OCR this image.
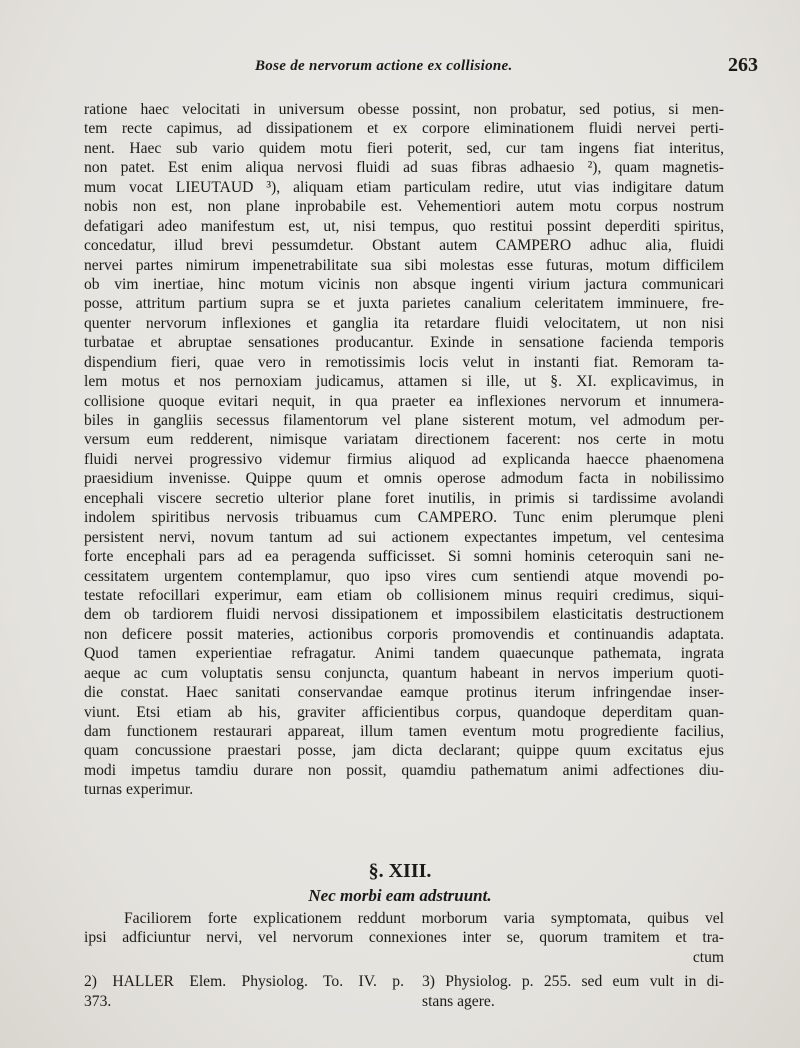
Bose de nervorum actione ex collisione.	263
ratione haec velocitati in universum obesse possint, non probatur, sed potius, si men-
tem recte capimus, ad dissipationem et ex corpore eliminationem fluidi nervei perti-
nent. Haec sub vario quidem motu fieri poterit, sed, cur tam ingens fiat interitus,
non patet. Est enim aliqua nervosi fluidi ad suas fibras adhaesio ²), quam magnetis-
mum vocat LIEUTAUD ³), aliquam etiam particulam redire, utut vias indigitare datum
nobis non est, non plane inprobabile est. Vehementiori autem motu corpus nostrum
defatigari adeo manifestum est, ut, nisi tempus, quo restitui possint deperditi spiritus,
concedatur, illud brevi pessumdetur. Obstant autem CAMPERO adhuc alia, fluidi
nervei partes nimirum impenetrabilitate sua sibi molestas esse futuras, motum difficilem
ob vim inertiae, hinc motum vicinis non absque ingenti virium jactura communicari
posse, attritum partium supra se et juxta parietes canalium celeritatem imminuere, fre-
quenter nervorum inflexiones et ganglia ita retardare fluidi velocitatem, ut non nisi
turbatae et abruptae sensationes producantur. Exinde in sensatione facienda temporis
dispendium fieri, quae vero in remotissimis locis velut in instanti fiat. Remoram ta-
lem motus et nos pernoxiam judicamus, attamen si ille, ut §. XI. explicavimus, in
collisione quoque evitari nequit, in qua praeter ea inflexiones nervorum et innumera-
biles in gangliis secessus filamentorum vel plane sisterent motum, vel admodum per-
versum eum redderent, nimisque variatam directionem facerent: nos certe in motu
fluidi nervei progressivo videmur firmius aliquod ad explicanda haecce phaenomena
praesidium invenisse. Quippe quum et omnis operose admodum facta in nobilissimo
encephali viscere secretio ulterior plane foret inutilis, in primis si tardissime avolandi
indolem spiritibus nervosis tribuamus cum CAMPERO. Tunc enim plerumque pleni
persistent nervi, novum tantum ad sui actionem expectantes impetum, vel centesima
forte encephali pars ad ea peragenda sufficisset. Si somni hominis ceteroquin sani ne-
cessitatem urgentem contemplamur, quo ipso vires cum sentiendi atque movendi po-
testate refocillari experimur, eam etiam ob collisionem minus requiri credimus, siqui-
dem ob tardiorem fluidi nervosi dissipationem et impossibilem elasticitatis destructionem
non deficere possit materies, actionibus corporis promovendis et continuandis adaptata.
Quod tamen experientiae refragatur. Animi tandem quaecunque pathemata, ingrata
aeque ac cum voluptatis sensu conjuncta, quantum habeant in nervos imperium quoti-
die constat. Haec sanitati conservandae eamque protinus iterum infringendae inser-
viunt. Etsi etiam ab his, graviter afficientibus corpus, quandoque deperditam quan-
dam functionem restaurari appareat, illum tamen eventum motu progrediente facilius,
quam concussione praestari posse, jam dicta declarant; quippe quum excitatus ejus
modi impetus tamdiu durare non possit, quamdiu pathematum animi adfectiones diu-
turnas experimur.
§. XIII.
Nec morbi eam adstruunt.
Faciliorem forte explicationem reddunt morborum varia symptomata, quibus vel
ipsi adficiuntur nervi, vel nervorum connexiones inter se, quorum tramitem et tra-
ctum
2) HALLER Elem. Physiolog. To. IV. p.
373.
3) Physiolog. p. 255. sed eum vult in di-
stans agere.
